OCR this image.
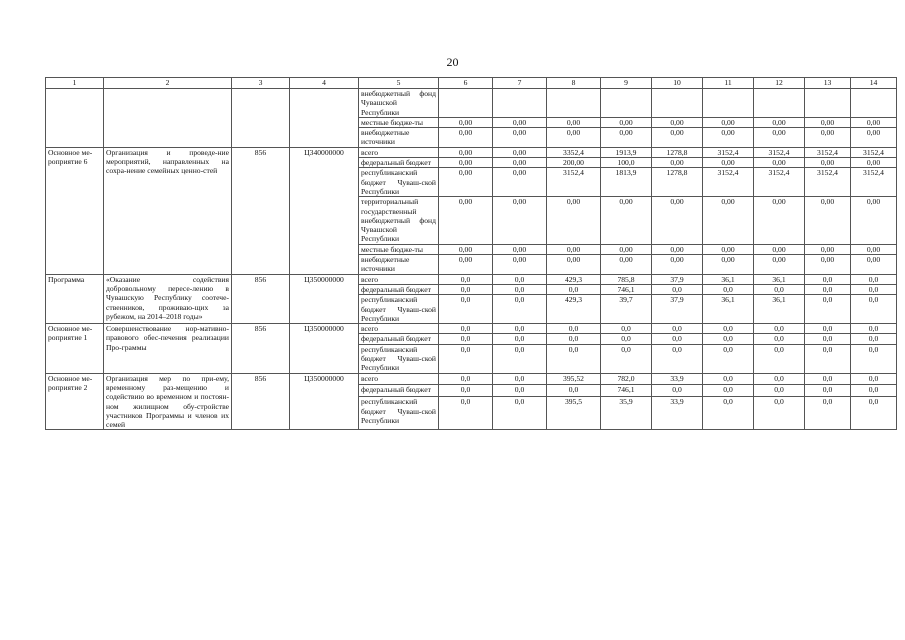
20
1	2	3	4	5	6	7	8	9	10	11	12	13	14
				внебюджетный фонд Чувашской Республики									
				местные бюдже-ты	0,00	0,00	0,00	0,00	0,00	0,00	0,00	0,00	0,00
				внебюджетные источники	0,00	0,00	0,00	0,00	0,00	0,00	0,00	0,00	0,00
Основное ме-роприятие 6	Организация и проведе-ние мероприятий, направленных на сохра-нение семейных ценно-стей	856	Ц340000000	всего	0,00	0,00	3352,4	1913,9	1278,8	3152,4	3152,4	3152,4	3152,4
				федеральный бюджет	0,00	0,00	200,00	100,0	0,00	0,00	0,00	0,00	0,00
				республиканский бюджет Чуваш-ской Республики	0,00	0,00	3152,4	1813,9	1278,8	3152,4	3152,4	3152,4	3152,4
				территориальный государственный внебюджетный фонд Чувашской Республики	0,00	0,00	0,00	0,00	0,00	0,00	0,00	0,00	0,00
				местные бюдже-ты	0,00	0,00	0,00	0,00	0,00	0,00	0,00	0,00	0,00
				внебюджетные источники	0,00	0,00	0,00	0,00	0,00	0,00	0,00	0,00	0,00
Программа	«Оказание содействия добровольному пересе-лению в Чувашскую Республику соотече-ственников, проживаю-щих за рубежом, на 2014–2018 годы»	856	Ц350000000	всего	0,0	0,0	429,3	785,8	37,9	36,1	36,1	0,0	0,0
				федеральный бюджет	0,0	0,0	0,0	746,1	0,0	0,0	0,0	0,0	0,0
				республиканский бюджет Чуваш-ской Республики	0,0	0,0	429,3	39,7	37,9	36,1	36,1	0,0	0,0
Основное ме-роприятие 1	Совершенствование нор-мативно-правового обес-печения реализации Про-граммы	856	Ц350000000	всего	0,0	0,0	0,0	0,0	0,0	0,0	0,0	0,0	0,0
				федеральный бюджет	0,0	0,0	0,0	0,0	0,0	0,0	0,0	0,0	0,0
				республиканский бюджет Чуваш-ской Республики	0,0	0,0	0,0	0,0	0,0	0,0	0,0	0,0	0,0
Основное ме-роприятие 2	Организация мер по при-ему, временному раз-мещению и содействию во временном и постоян-ном жилищном обу-стройстве участников Программы и членов их семей	856	Ц350000000	всего	0,0	0,0	395,52	782,0	33,9	0,0	0,0	0,0	0,0
				федеральный бюджет	0,0	0,0	0,0	746,1	0,0	0,0	0,0	0,0	0,0
				республиканский бюджет Чуваш-ской Республики	0,0	0,0	395,5	35,9	33,9	0,0	0,0	0,0	0,0
